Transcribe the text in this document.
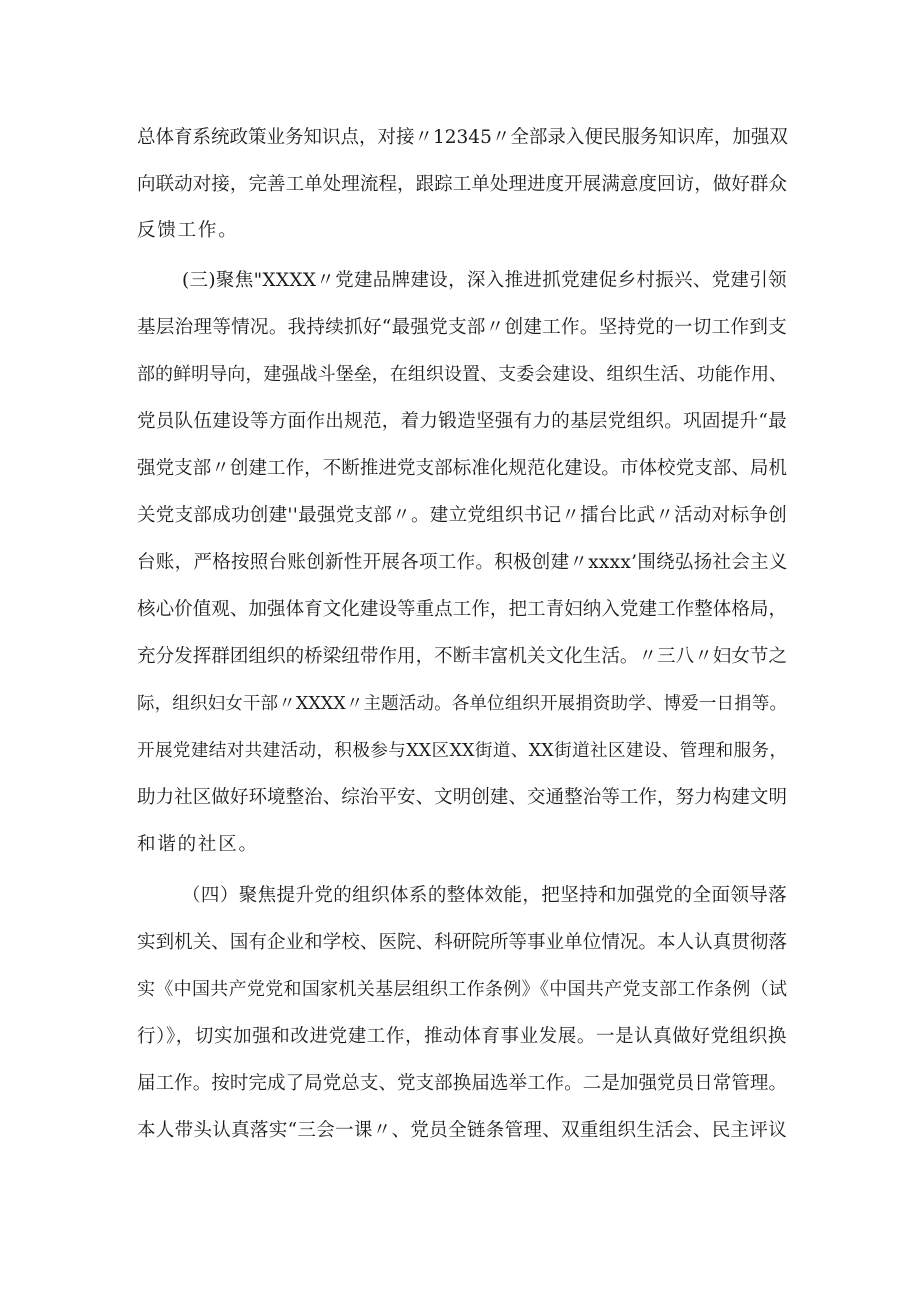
总体育系统政策业务知识点，对接〃12345〃全部录入便民服务知识库，加强双
向联动对接，完善工单处理流程，跟踪工单处理进度开展满意度回访，做好群众
反馈工作。
(三)聚焦"XXXX〃党建品牌建设，深入推进抓党建促乡村振兴、党建引领
基层治理等情况。我持续抓好“最强党支部〃创建工作。坚持党的一切工作到支
部的鲜明导向，建强战斗堡垒，在组织设置、支委会建设、组织生活、功能作用、
党员队伍建设等方面作出规范，着力锻造坚强有力的基层党组织。巩固提升“最
强党支部〃创建工作，不断推进党支部标准化规范化建设。市体校党支部、局机
关党支部成功创建''最强党支部〃。建立党组织书记〃擂台比武〃活动对标争创
台账，严格按照台账创新性开展各项工作。积极创建〃xxxx’围绕弘扬社会主义
核心价值观、加强体育文化建设等重点工作，把工青妇纳入党建工作整体格局，
充分发挥群团组织的桥梁纽带作用，不断丰富机关文化生活。〃三八〃妇女节之
际，组织妇女干部〃XXXX〃主题活动。各单位组织开展捐资助学、博爱一日捐等。
开展党建结对共建活动，积极参与XX区XX街道、XX街道社区建设、管理和服务，
助力社区做好环境整治、综治平安、文明创建、交通整治等工作，努力构建文明
和谐的社区。
（四）聚焦提升党的组织体系的整体效能，把坚持和加强党的全面领导落
实到机关、国有企业和学校、医院、科研院所等事业单位情况。本人认真贯彻落
实《中国共产党党和国家机关基层组织工作条例》《中国共产党支部工作条例（试
行）》，切实加强和改进党建工作，推动体育事业发展。一是认真做好党组织换
届工作。按时完成了局党总支、党支部换届选举工作。二是加强党员日常管理。
本人带头认真落实“三会一课〃、党员全链条管理、双重组织生活会、民主评议
